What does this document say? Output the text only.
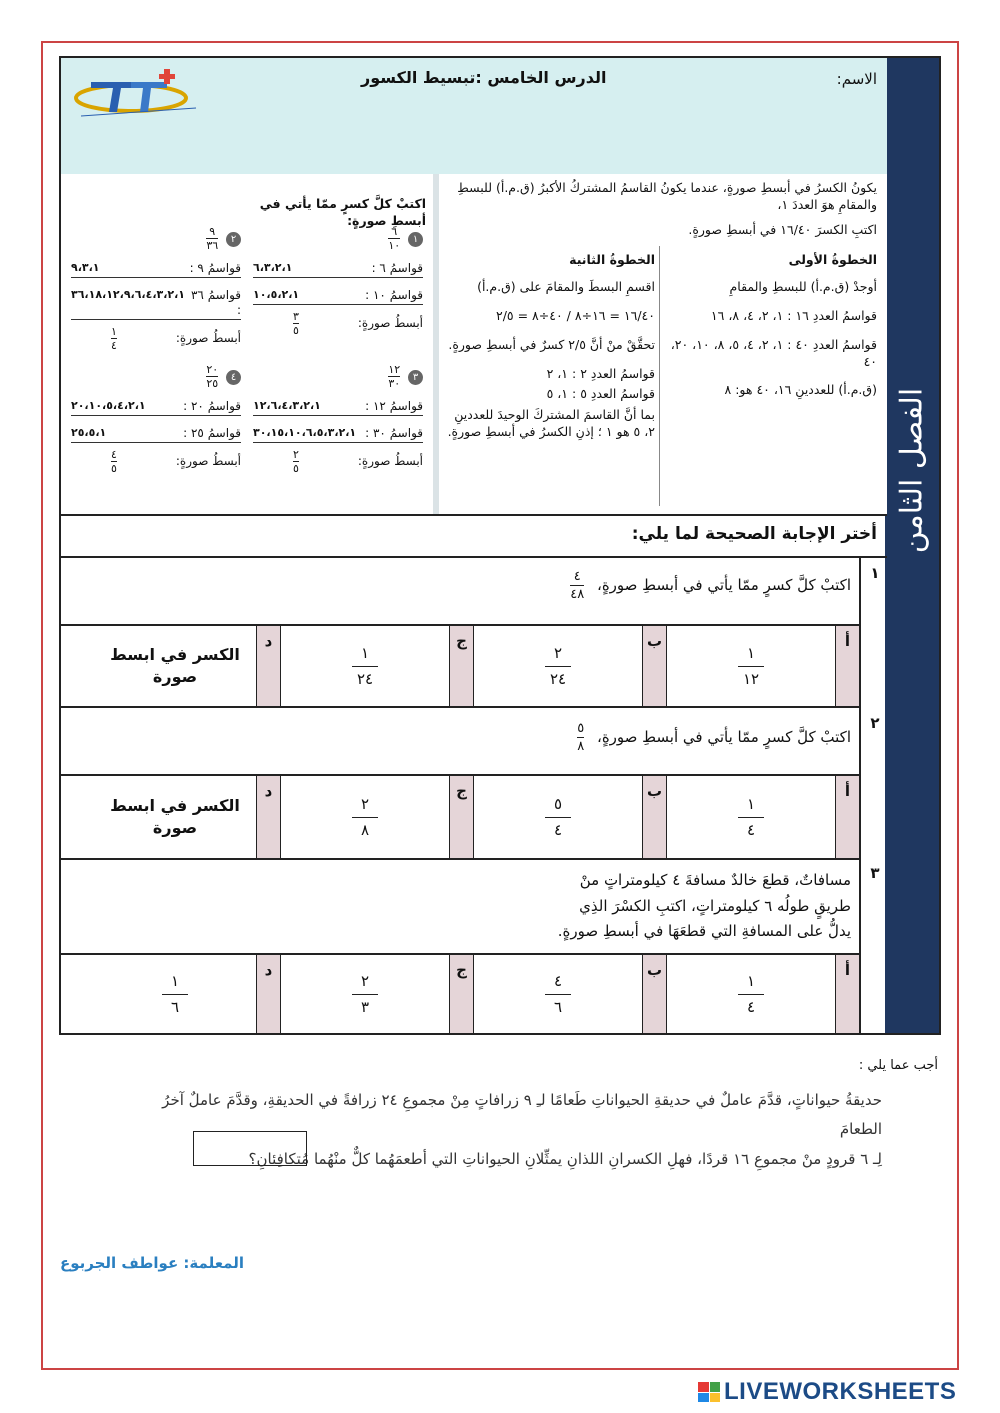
الفصل الثامن
الدرس الخامس :تبسيط الكسور	الاسم:
يكونُ الكسرُ في أبسطِ صورةٍ، عندما يكونُ القاسمُ المشتركُ الأكبرُ (ق.م.أ) للبسطِ والمقامِ هوَ العددَ ١،
اكتبِ الكسرَ ١٦/٤٠ في أبسطِ صورةٍ.
الخطوةُ الأولى

أوجدْ (ق.م.أ) للبسطِ والمقامِ

قواسمُ العددِ ١٦ : ١، ٢، ٤، ٨، ١٦

قواسمُ العددِ ٤٠ : ١، ٢، ٤، ٥، ٨، ١٠، ٢٠، ٤٠

(ق.م.أ) للعددينِ ١٦، ٤٠ هو: ٨

الخطوةُ الثانية

اقسمِ البسطَ والمقامَ على (ق.م.أ)

١٦/٤٠ = ١٦÷٨ / ٤٠÷٨ = ٢/٥

تحقَّقْ منْ أنَّ ٢/٥ كسرٌ في أبسطِ صورةٍ.

قواسمُ العددِ ٢ : ١، ٢

قواسمُ العددِ ٥ : ١، ٥

بما أنَّ القاسمَ المشتركَ الوحيدَ للعددينِ ٢، ٥ هو ١ ؛ إذنِ الكسرُ في أبسطِ صورةٍ.

اكتبْ كلَّ كسرٍ ممّا يأتي في أبسطِ صورةٍ:
١
$\frac{٦}{١٠}$
قواسمُ ٦ :
٦،٣،٢،١
قواسمُ ١٠ :
١٠،٥،٢،١
أبسطُ صورةٍ:
$\frac{٣}{٥}$
٢
$\frac{٩}{٣٦}$
قواسمُ ٩ :
٩،٣،١
قواسمُ ٣٦ :
٣٦،١٨،١٢،٩،٦،٤،٣،٢،١
أبسطُ صورةٍ:
$\frac{١}{٤}$
٣
$\frac{١٢}{٣٠}$
قواسمُ ١٢ :
١٢،٦،٤،٣،٢،١
قواسمُ ٣٠ :
٣٠،١٥،١٠،٦،٥،٣،٢،١
أبسطُ صورةٍ:
$\frac{٢}{٥}$
٤
$\frac{٢٠}{٢٥}$
قواسمُ ٢٠ :
٢٠،١٠،٥،٤،٢،١
قواسمُ ٢٥ :
٢٥،٥،١
أبسطُ صورةٍ:
$\frac{٤}{٥}$
أختر الإجابة الصحيحة لما يلي:
١
٢
٣
اكتبْ كلَّ كسرٍ ممّا يأتي في أبسطِ صورةٍ،
$\frac{٤}{٤٨}$
أ
$\frac{١}{١٢}$
ب
$\frac{٢}{٢٤}$
ج
$\frac{١}{٢٤}$
د
الكسر في ابسط صورة
اكتبْ كلَّ كسرٍ ممّا يأتي في أبسطِ صورةٍ،
$\frac{٥}{٨}$
أ
$\frac{١}{٤}$
ب
$\frac{٥}{٤}$
ج
$\frac{٢}{٨}$
د
الكسر في ابسط صورة
مسافاتٌ، قطعَ خالدٌ مسافةَ ٤ كيلومتراتٍ منْ
طريقٍ طولُه ٦ كيلومتراتٍ، اكتبِ الكسْرَ الذِي
يدلُّ على المسافةِ التي قطعَهَا في أبسطِ صورةٍ.
أ
$\frac{١}{٤}$
ب
$\frac{٤}{٦}$
ج
$\frac{٢}{٣}$
د
$\frac{١}{٦}$
أجب عما يلي :
حديقةُ حيواناتٍ، قدَّمَ عاملٌ في حديقةِ الحيواناتِ طَعامًا لـِ ٩ زرافاتٍ مِنْ مجموعِ ٢٤ زرافةً في الحديقةِ، وقدَّمَ عاملٌ آخرُ الطعامَ
لِـ ٦ قرودٍ منْ مجموعِ ١٦ قردًا، فهلِ الكسرانِ اللذانِ يمثِّلانِ الحيواناتِ التي أطعمَهُما كلٌّ منْهُما مُتكافِئانِ؟
المعلمة: عواطف الجربوع
LIVEWORKSHEETS
